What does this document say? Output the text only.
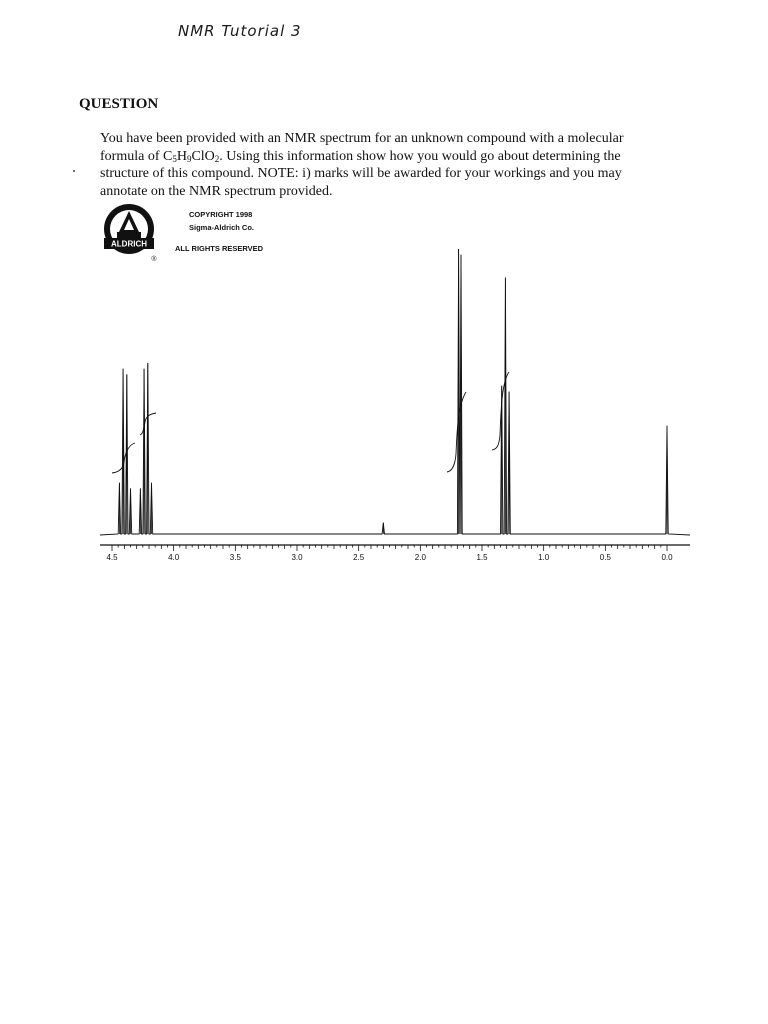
NMR Tutorial 3
QUESTION
You have been provided with an NMR spectrum for an unknown compound with a molecular formula of $C_5H_9ClO_2$. Using this information show how you would go about determining the structure of this compound. NOTE: i) marks will be awarded for your workings and you may annotate on the NMR spectrum provided.
ALDRICH
®
COPYRIGHT 1998
Sigma-Aldrich Co.
ALL RIGHTS RESERVED
4.5	4.0	3.5	3.0	2.5	2.0	1.5	1.0	0.5	0.0
